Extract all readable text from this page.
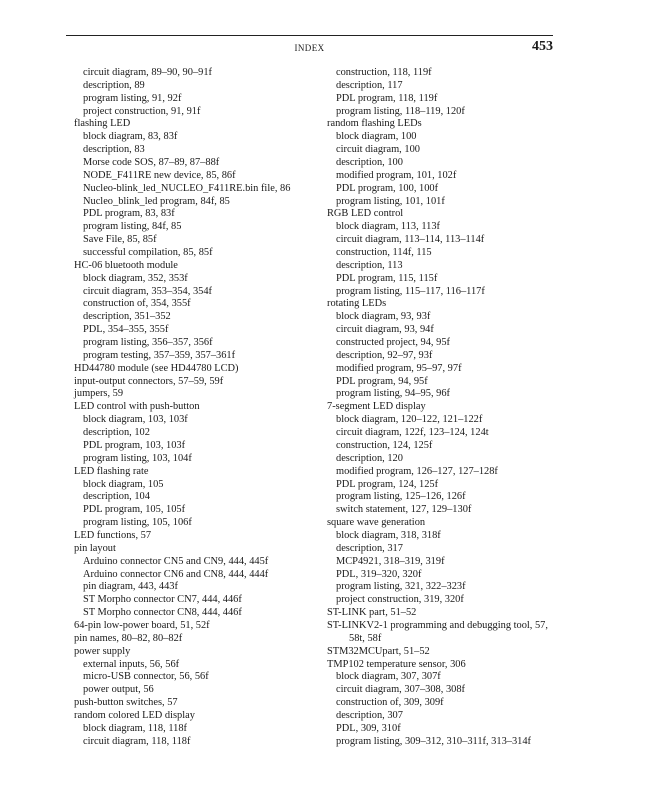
INDEX	453
circuit diagram, 89–90, 90–91f
description, 89
program listing, 91, 92f
project construction, 91, 91f
flashing LED
block diagram, 83, 83f
description, 83
Morse code SOS, 87–89, 87–88f
NODE_F411RE new device, 85, 86f
Nucleo-blink_led_NUCLEO_F411RE.bin file, 86
Nucleo_blink_led program, 84f, 85
PDL program, 83, 83f
program listing, 84f, 85
Save File, 85, 85f
successful compilation, 85, 85f
HC-06 bluetooth module
block diagram, 352, 353f
circuit diagram, 353–354, 354f
construction of, 354, 355f
description, 351–352
PDL, 354–355, 355f
program listing, 356–357, 356f
program testing, 357–359, 357–361f
HD44780 module (see HD44780 LCD)
input-output connectors, 57–59, 59f
jumpers, 59
LED control with push-button
block diagram, 103, 103f
description, 102
PDL program, 103, 103f
program listing, 103, 104f
LED flashing rate
block diagram, 105
description, 104
PDL program, 105, 105f
program listing, 105, 106f
LED functions, 57
pin layout
Arduino connector CN5 and CN9, 444, 445f
Arduino connector CN6 and CN8, 444, 444f
pin diagram, 443, 443f
ST Morpho connector CN7, 444, 446f
ST Morpho connector CN8, 444, 446f
64-pin low-power board, 51, 52f
pin names, 80–82, 80–82f
power supply
external inputs, 56, 56f
micro-USB connector, 56, 56f
power output, 56
push-button switches, 57
random colored LED display
block diagram, 118, 118f
circuit diagram, 118, 118f
construction, 118, 119f
description, 117
PDL program, 118, 119f
program listing, 118–119, 120f
random flashing LEDs
block diagram, 100
circuit diagram, 100
description, 100
modified program, 101, 102f
PDL program, 100, 100f
program listing, 101, 101f
RGB LED control
block diagram, 113, 113f
circuit diagram, 113–114, 113–114f
construction, 114f, 115
description, 113
PDL program, 115, 115f
program listing, 115–117, 116–117f
rotating LEDs
block diagram, 93, 93f
circuit diagram, 93, 94f
constructed project, 94, 95f
description, 92–97, 93f
modified program, 95–97, 97f
PDL program, 94, 95f
program listing, 94–95, 96f
7-segment LED display
block diagram, 120–122, 121–122f
circuit diagram, 122f, 123–124, 124t
construction, 124, 125f
description, 120
modified program, 126–127, 127–128f
PDL program, 124, 125f
program listing, 125–126, 126f
switch statement, 127, 129–130f
square wave generation
block diagram, 318, 318f
description, 317
MCP4921, 318–319, 319f
PDL, 319–320, 320f
program listing, 321, 322–323f
project construction, 319, 320f
ST-LINK part, 51–52
ST-LINKV2-1 programming and debugging tool, 57,
58t, 58f
STM32MCUpart, 51–52
TMP102 temperature sensor, 306
block diagram, 307, 307f
circuit diagram, 307–308, 308f
construction of, 309, 309f
description, 307
PDL, 309, 310f
program listing, 309–312, 310–311f, 313–314f
